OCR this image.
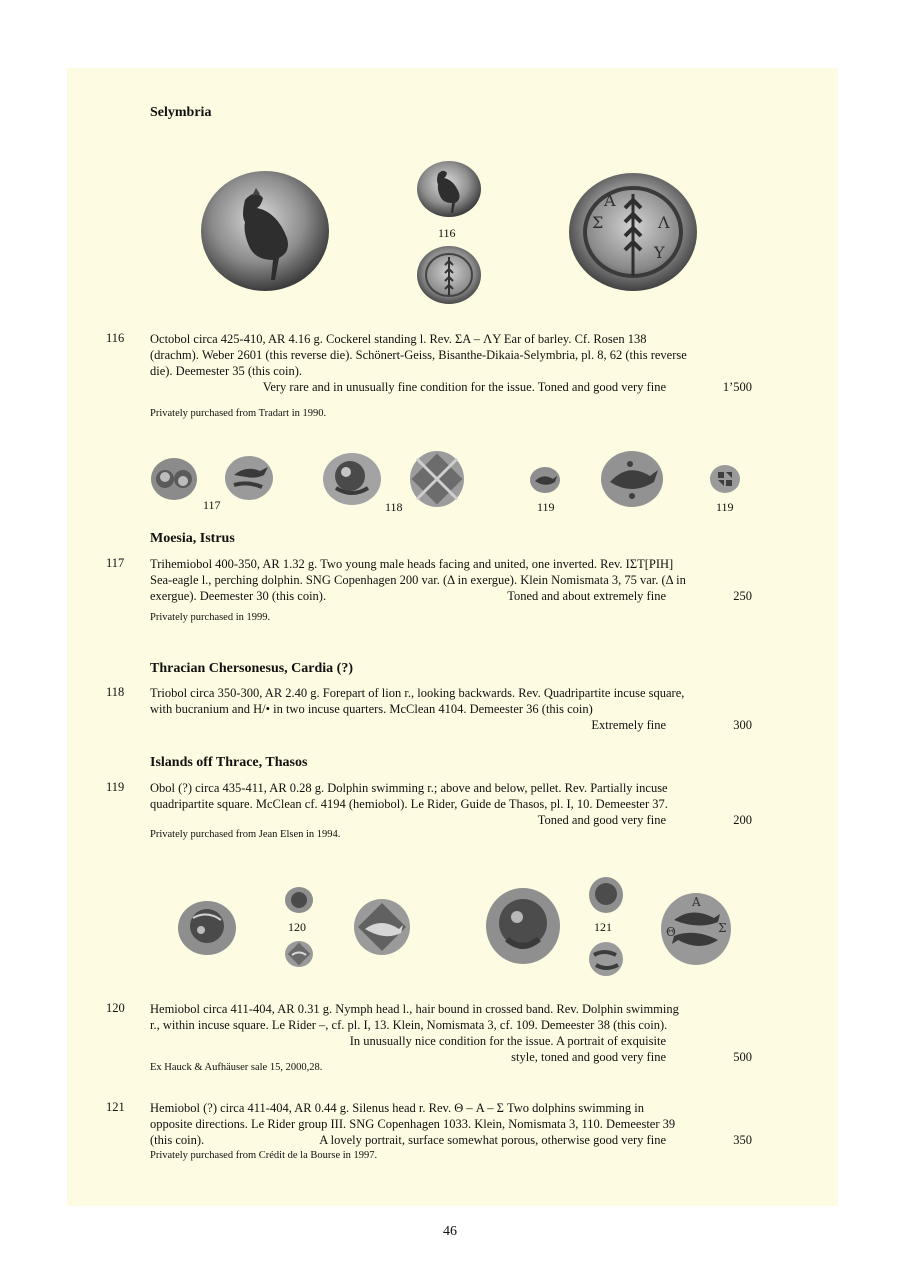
Selymbria
116
Σ
A
Λ
Y
116 Octobol circa 425-410, AR 4.16 g. Cockerel standing l. Rev. ΣA – ΛY Ear of barley. Cf. Rosen 138
(drachm). Weber 2601 (this reverse die). Schönert-Geiss, Bisanthe-Dikaia-Selymbria, pl. 8, 62 (this reverse
die). Deemester 35 (this coin).
Very rare and in unusually fine condition for the issue. Toned and good very fine	1’500
Privately purchased from Tradart in 1990.
117	118	119	119
Moesia, Istrus
117 Trihemiobol 400-350, AR 1.32 g. Two young male heads facing and united, one inverted. Rev. IΣT[PIH]
Sea-eagle l., perching dolphin. SNG Copenhagen 200 var. (Δ in exergue). Klein Nomismata 3, 75 var. (Δ in
exergue). Deemester 30 (this coin).	Toned and about extremely fine	250
Privately purchased in 1999.
Thracian Chersonesus, Cardia (?)
118 Triobol circa 350-300, AR 2.40 g. Forepart of lion r., looking backwards. Rev. Quadripartite incuse square,
with bucranium and H/• in two incuse quarters. McClean 4104. Demeester 36 (this coin)
Extremely fine	300
Islands off Thrace, Thasos
119 Obol (?) circa 435-411, AR 0.28 g. Dolphin swimming r.; above and below, pellet. Rev. Partially incuse
quadripartite square. McClean cf. 4194 (hemiobol). Le Rider, Guide de Thasos, pl. I, 10. Demeester 37.
Toned and good very fine	200
Privately purchased from Jean Elsen in 1994.
120	121	Θ
A
Σ
120 Hemiobol circa 411-404, AR 0.31 g. Nymph head l., hair bound in crossed band. Rev. Dolphin swimming
r., within incuse square. Le Rider –, cf. pl. I, 13. Klein, Nomismata 3, cf. 109. Demeester 38 (this coin).
In unusually nice condition for the issue. A portrait of exquisite
style, toned and good very fine	500
Ex Hauck & Aufhäuser sale 15, 2000,28.
121 Hemiobol (?) circa 411-404, AR 0.44 g. Silenus head r. Rev. Θ – A – Σ Two dolphins swimming in
opposite directions. Le Rider group III. SNG Copenhagen 1033. Klein, Nomismata 3, 110. Demeester 39
(this coin).	A lovely portrait, surface somewhat porous, otherwise good very fine	350
Privately purchased from Crédit de la Bourse in 1997.
46
